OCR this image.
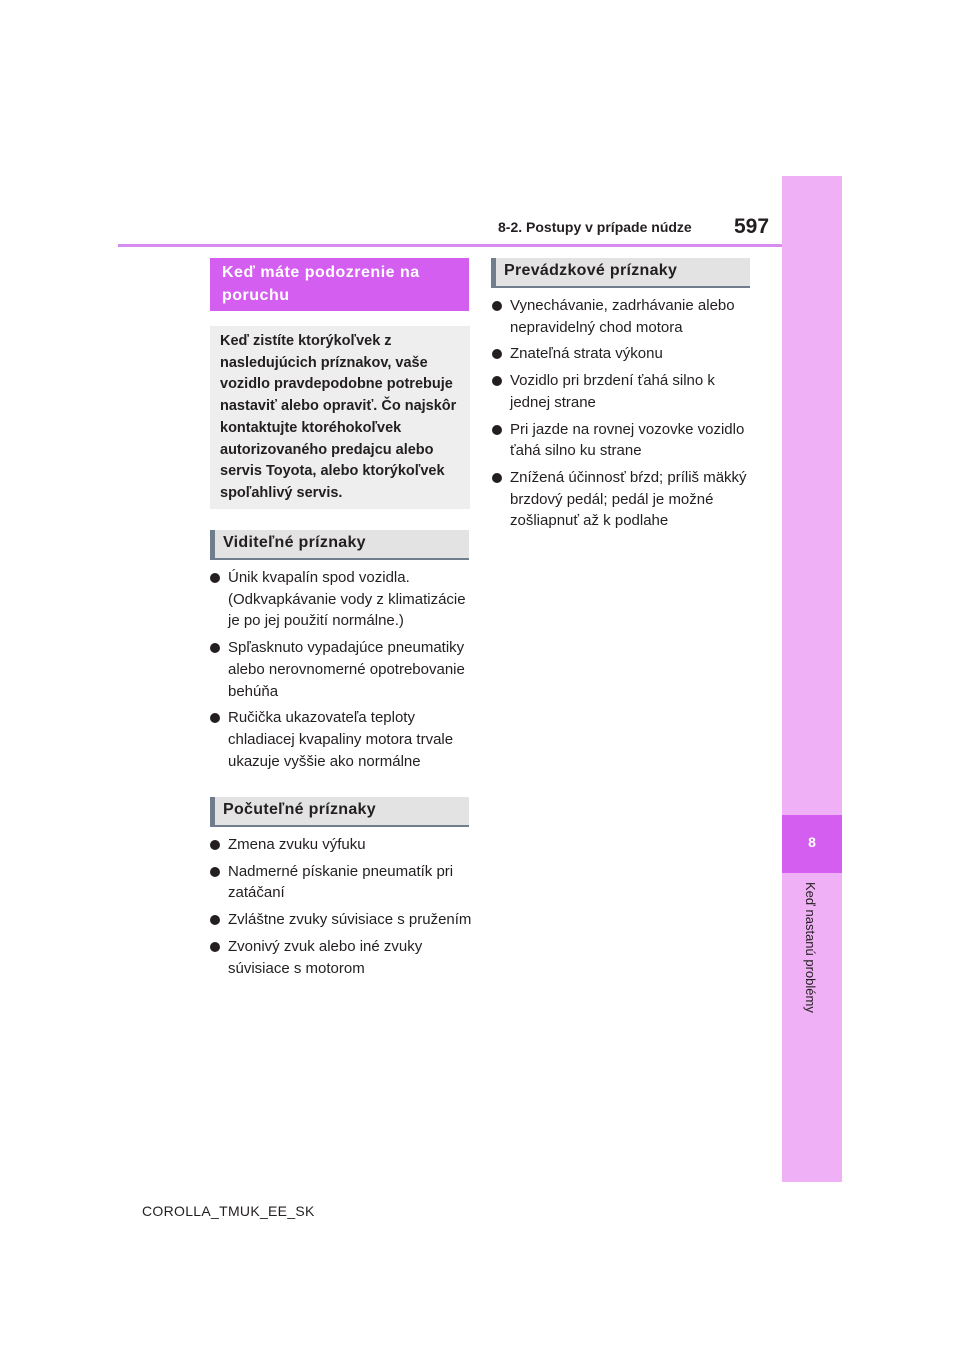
8-2. Postupy v prípade núdze 597
8
Keď nastanú problémy
Keď máte podozrenie na poruchu
Keď zistíte ktorýkoľvek z nasledujúcich príznakov, vaše vozidlo pravdepodobne potrebuje nastaviť alebo opraviť. Čo najskôr kontaktujte ktoréhokoľvek autorizovaného predajcu alebo servis Toyota, alebo ktorýkoľvek spoľahlivý servis.
Viditeľné príznaky
Únik kvapalín spod vozidla. (Odkvapkávanie vody z klimatizácie je po jej použití normálne.)
Spľasknuto vypadajúce pneumatiky alebo nerovnomerné opotrebovanie behúňa
Ručička ukazovateľa teploty chladiacej kvapaliny motora trvale ukazuje vyššie ako normálne
Počuteľné príznaky
Zmena zvuku výfuku
Nadmerné pískanie pneumatík pri zatáčaní
Zvláštne zvuky súvisiace s pružením
Zvonivý zvuk alebo iné zvuky súvisiace s motorom
Prevádzkové príznaky
Vynechávanie, zadrhávanie alebo nepravidelný chod motora
Znateľná strata výkonu
Vozidlo pri brzdení ťahá silno k jednej strane
Pri jazde na rovnej vozovke vozidlo ťahá silno ku strane
Znížená účinnosť bŕzd; príliš mäkký brzdový pedál; pedál je možné zošliapnuť až k podlahe
COROLLA_TMUK_EE_SK
